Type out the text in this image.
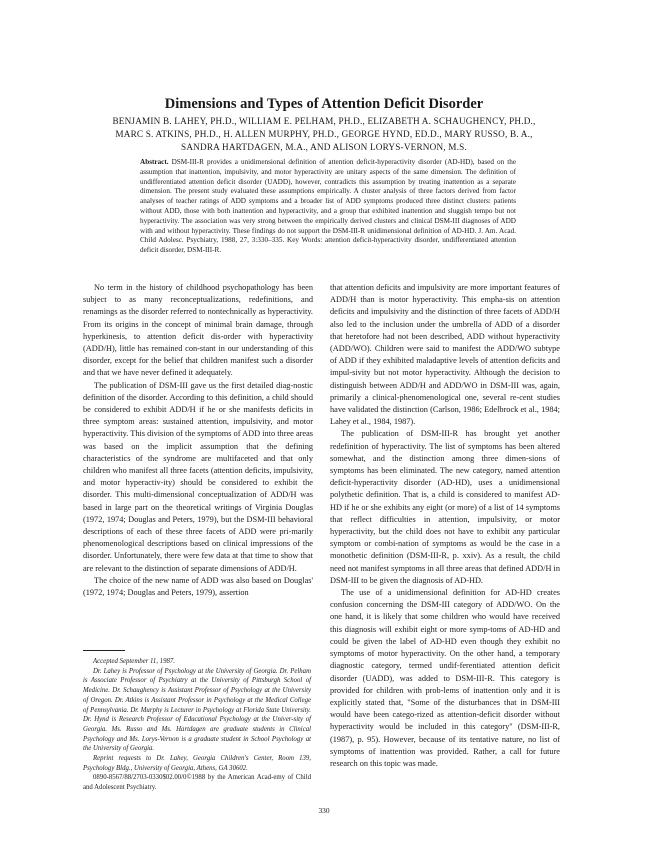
Dimensions and Types of Attention Deficit Disorder
BENJAMIN B. LAHEY, PH.D., WILLIAM E. PELHAM, PH.D., ELIZABETH A. SCHAUGHENCY, PH.D.,
MARC S. ATKINS, PH.D., H. ALLEN MURPHY, PH.D., GEORGE HYND, ED.D., MARY RUSSO, B. A.,
SANDRA HARTDAGEN, M.A., AND ALISON LORYS-VERNON, M.S.
Abstract. DSM-III-R provides a unidimensional definition of attention deficit-hyperactivity disorder (AD-HD), based on the assumption that inattention, impulsivity, and motor hyperactivity are unitary aspects of the same dimension. The definition of undifferentiated attention deficit disorder (UADD), however, contradicts this assumption by treating inattention as a separate dimension. The present study evaluated these assumptions empirically. A cluster analysis of three factors derived from factor analyses of teacher ratings of ADD symptoms and a broader list of ADD symptoms produced three distinct clusters: patients without ADD, those with both inattention and hyperactivity, and a group that exhibited inattention and sluggish tempo but not hyperactivity. The association was very strong between the empirically derived clusters and clinical DSM-III diagnoses of ADD with and without hyperactivity. These findings do not support the DSM-III-R unidimensional definition of AD-HD. J. Am. Acad. Child Adolesc. Psychiatry, 1988, 27, 3:330–335. Key Words: attention deficit-hyperactivity disorder, undifferentiated attention deficit disorder, DSM-III-R.

No term in the history of childhood psychopathology has been subject to as many reconceptualizations, redefinitions, and renamings as the disorder referred to nontechnically as hyperactivity. From its origins in the concept of minimal brain damage, through hyperkinesis, to attention deficit dis-order with hyperactivity (ADD/H), little has remained con-stant in our understanding of this disorder, except for the belief that children manifest such a disorder and that we have never defined it adequately.

The publication of DSM-III gave us the first detailed diag-nostic definition of the disorder. According to this definition, a child should be considered to exhibit ADD/H if he or she manifests deficits in three symptom areas: sustained attention, impulsivity, and motor hyperactivity. This division of the symptoms of ADD into three areas was based on the implicit assumption that the defining characteristics of the syndrome are multifaceted and that only children who manifest all three facets (attention deficits, impulsivity, and motor hyperactiv-ity) should be considered to exhibit the disorder. This multi-dimensional conceptualization of ADD/H was based in large part on the theoretical writings of Virginia Douglas (1972, 1974; Douglas and Peters, 1979), but the DSM-III behavioral descriptions of each of these three facets of ADD were pri-marily phenomenological descriptions based on clinical impressions of the disorder. Unfortunately, there were few data at that time to show that are relevant to the distinction of separate dimensions of ADD/H.

The choice of the new name of ADD was also based on Douglas' (1972, 1974; Douglas and Peters, 1979), assertion

Accepted September 11, 1987.

Dr. Lahey is Professor of Psychology at the University of Georgia. Dr. Pelham is Associate Professor of Psychiatry at the University of Pittsburgh School of Medicine. Dr. Schaughency is Assistant Professor of Psychology at the University of Oregon. Dr. Atkins is Assistant Professor in Psychology at the Medical College of Pennsylvania. Dr. Murphy is Lecturer in Psychology at Florida State University. Dr. Hynd is Research Professor of Educational Psychology at the Univer-sity of Georgia. Ms. Russo and Ms. Hartdagen are graduate students in Clinical Psychology and Ms. Lorys-Vernon is a graduate student in School Psychology at the University of Georgia.

Reprint requests to Dr. Lahey, Georgia Children's Center, Room 139, Psychology Bldg., University of Georgia, Athens, GA 30602.

0890-8567/88/2703-0330$02.00/0©1988 by the American Acad-emy of Child and Adolescent Psychiatry.

that attention deficits and impulsivity are more important features of ADD/H than is motor hyperactivity. This empha-sis on attention deficits and impulsivity and the distinction of three facets of ADD/H also led to the inclusion under the umbrella of ADD of a disorder that heretofore had not been described, ADD without hyperactivity (ADD/WO). Children were said to manifest the ADD/WO subtype of ADD if they exhibited maladaptive levels of attention deficits and impul-sivity but not motor hyperactivity. Although the decision to distinguish between ADD/H and ADD/WO in DSM-III was, again, primarily a clinical-phenomenological one, several re-cent studies have validated the distinction (Carlson, 1986; Edelbrock et al., 1984; Lahey et al., 1984, 1987).

The publication of DSM-III-R has brought yet another redefinition of hyperactivity. The list of symptoms has been altered somewhat, and the distinction among three dimen-sions of symptoms has been eliminated. The new category, named attention deficit-hyperactivity disorder (AD-HD), uses a unidimensional polythetic definition. That is, a child is considered to manifest AD-HD if he or she exhibits any eight (or more) of a list of 14 symptoms that reflect difficulties in attention, impulsivity, or motor hyperactivity, but the child does not have to exhibit any particular symptom or combi-nation of symptoms as would be the case in a monothetic definition (DSM-III-R, p. xxiv). As a result, the child need not manifest symptoms in all three areas that defined ADD/H in DSM-III to be given the diagnosis of AD-HD.

The use of a unidimensional definition for AD-HD creates confusion concerning the DSM-III category of ADD/WO. On the one hand, it is likely that some children who would have received this diagnosis will exhibit eight or more symp-toms of AD-HD and could be given the label of AD-HD even though they exhibit no symptoms of motor hyperactivity. On the other hand, a temporary diagnostic category, termed undif-ferentiated attention deficit disorder (UADD), was added to DSM-III-R. This category is provided for children with prob-lems of inattention only and it is explicitly stated that, "Some of the disturbances that in DSM-III would have been catego-rized as attention-deficit disorder without hyperactivity would be included in this category" (DSM-III-R, (1987), p. 95). However, because of its tentative nature, no list of symptoms of inattention was provided. Rather, a call for future research on this topic was made.

330
